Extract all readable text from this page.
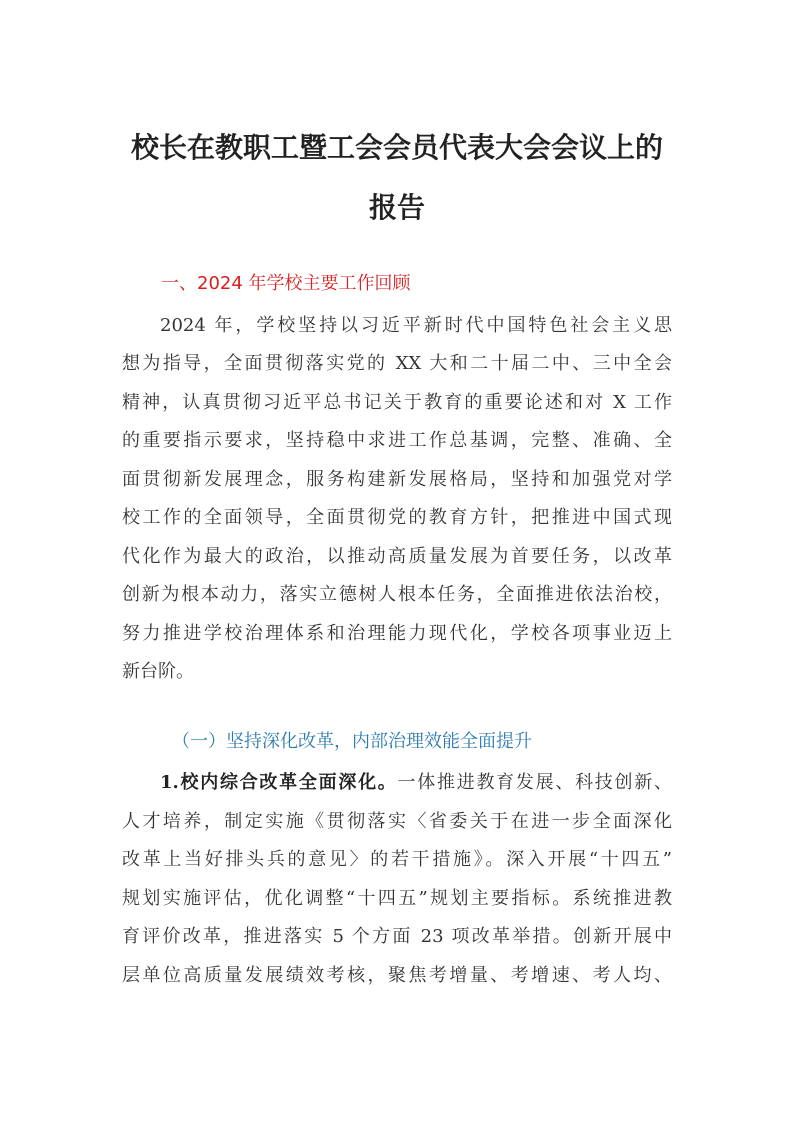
校长在教职工暨工会会员代表大会会议上的
报告
一、2024 年学校主要工作回顾
2024 年，学校坚持以习近平新时代中国特色社会主义思
想为指导，全面贯彻落实党的 XX 大和二十届二中、三中全会
精神，认真贯彻习近平总书记关于教育的重要论述和对 X 工作
的重要指示要求，坚持稳中求进工作总基调，完整、准确、全
面贯彻新发展理念，服务构建新发展格局，坚持和加强党对学
校工作的全面领导，全面贯彻党的教育方针，把推进中国式现
代化作为最大的政治，以推动高质量发展为首要任务，以改革
创新为根本动力，落实立德树人根本任务，全面推进依法治校，
努力推进学校治理体系和治理能力现代化，学校各项事业迈上
新台阶。
（一）坚持深化改革，内部治理效能全面提升
1.校内综合改革全面深化。一体推进教育发展、科技创新、
人才培养，制定实施《贯彻落实〈省委关于在进一步全面深化
改革上当好排头兵的意见〉的若干措施》。深入开展“十四五”
规划实施评估，优化调整“十四五”规划主要指标。系统推进教
育评价改革，推进落实 5 个方面 23 项改革举措。创新开展中
层单位高质量发展绩效考核，聚焦考增量、考增速、考人均、
